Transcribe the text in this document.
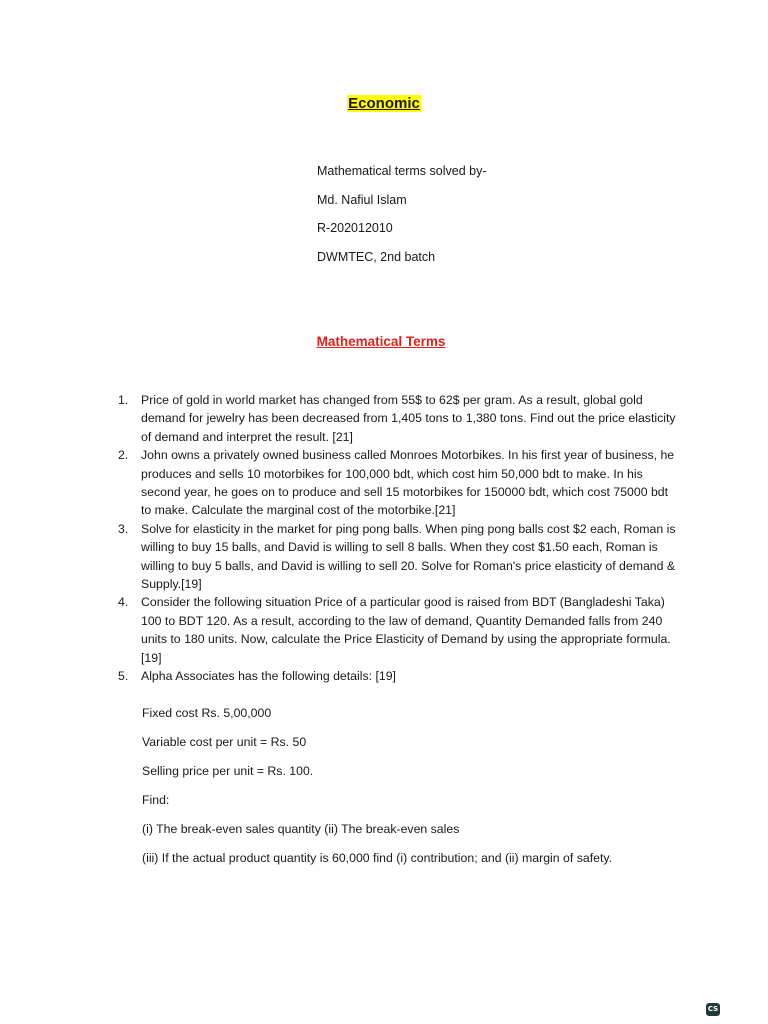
Economic
Mathematical terms solved by-
Md. Nafiul Islam
R-202012010
DWMTEC, 2nd batch
Mathematical Terms
1.	Price of gold in world market has changed from 55$ to 62$ per gram. As a result, global gold demand for jewelry has been decreased from 1,405 tons to 1,380 tons. Find out the price elasticity of demand and interpret the result. [21]
2.	John owns a privately owned business called Monroes Motorbikes. In his first year of business, he produces and sells 10 motorbikes for 100,000 bdt, which cost him 50,000 bdt to make. In his second year, he goes on to produce and sell 15 motorbikes for 150000 bdt, which cost 75000 bdt to make. Calculate the marginal cost of the motorbike.[21]
3.	Solve for elasticity in the market for ping pong balls. When ping pong balls cost $2 each, Roman is willing to buy 15 balls, and David is willing to sell 8 balls. When they cost $1.50 each, Roman is willing to buy 5 balls, and David is willing to sell 20. Solve for Roman's price elasticity of demand & Supply.[19]
4.	Consider the following situation Price of a particular good is raised from BDT (Bangladeshi Taka) 100 to BDT 120. As a result, according to the law of demand, Quantity Demanded falls from 240 units to 180 units. Now, calculate the Price Elasticity of Demand by using the appropriate formula.[19]
5.	Alpha Associates has the following details: [19]
Fixed cost Rs. 5,00,000
Variable cost per unit = Rs. 50
Selling price per unit = Rs. 100.
Find:
(i) The break-even sales quantity (ii) The break-even sales
(iii) If the actual product quantity is 60,000 find (i) contribution; and (ii) margin of safety.
CS
